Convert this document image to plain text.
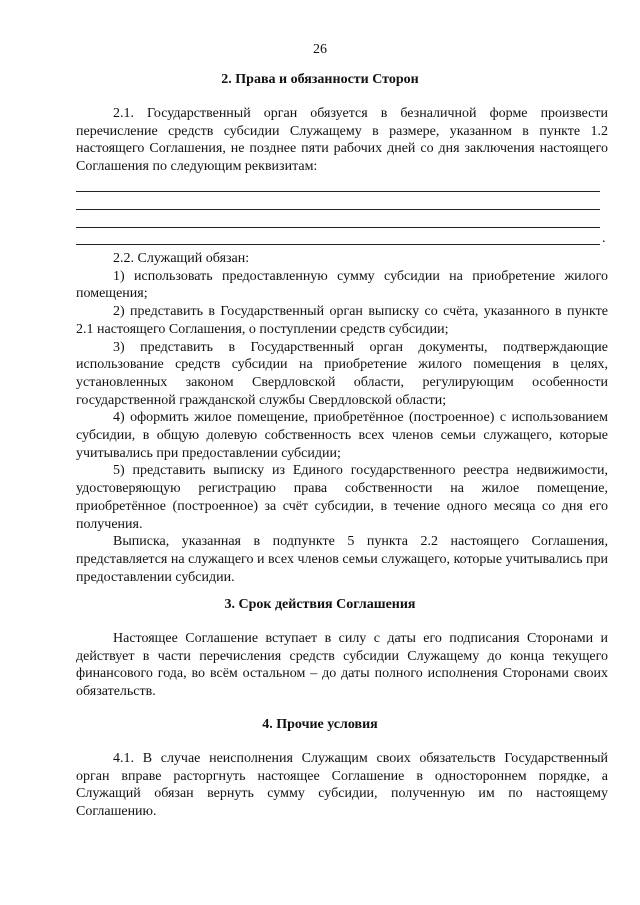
26
2. Права и обязанности Сторон

2.1. Государственный орган обязуется в безналичной форме произвести перечисление средств субсидии Служащему в размере, указанном в пункте 1.2 настоящего Соглашения, не позднее пяти рабочих дней со дня заключения настоящего Соглашения по следующим реквизитам:

.

2.2. Служащий обязан:

1) использовать предоставленную сумму субсидии на приобретение жилого помещения;

2) представить в Государственный орган выписку со счёта, указанного в пункте 2.1 настоящего Соглашения, о поступлении средств субсидии;

3) представить в Государственный орган документы, подтверждающие использование средств субсидии на приобретение жилого помещения в целях, установленных законом Свердловской области, регулирующим особенности государственной гражданской службы Свердловской области;

4) оформить жилое помещение, приобретённое (построенное) с использованием субсидии, в общую долевую собственность всех членов семьи служащего, которые учитывались при предоставлении субсидии;

5) представить выписку из Единого государственного реестра недвижимости, удостоверяющую регистрацию права собственности на жилое помещение, приобретённое (построенное) за счёт субсидии, в течение одного месяца со дня его получения.

Выписка, указанная в подпункте 5 пункта 2.2 настоящего Соглашения, представляется на служащего и всех членов семьи служащего, которые учитывались при предоставлении субсидии.

3. Срок действия Соглашения

Настоящее Соглашение вступает в силу с даты его подписания Сторонами и действует в части перечисления средств субсидии Служащему до конца текущего финансового года, во всём остальном – до даты полного исполнения Сторонами своих обязательств.

4. Прочие условия

4.1. В случае неисполнения Служащим своих обязательств Государственный орган вправе расторгнуть настоящее Соглашение в одностороннем порядке, а Служащий обязан вернуть сумму субсидии, полученную им по настоящему Соглашению.
